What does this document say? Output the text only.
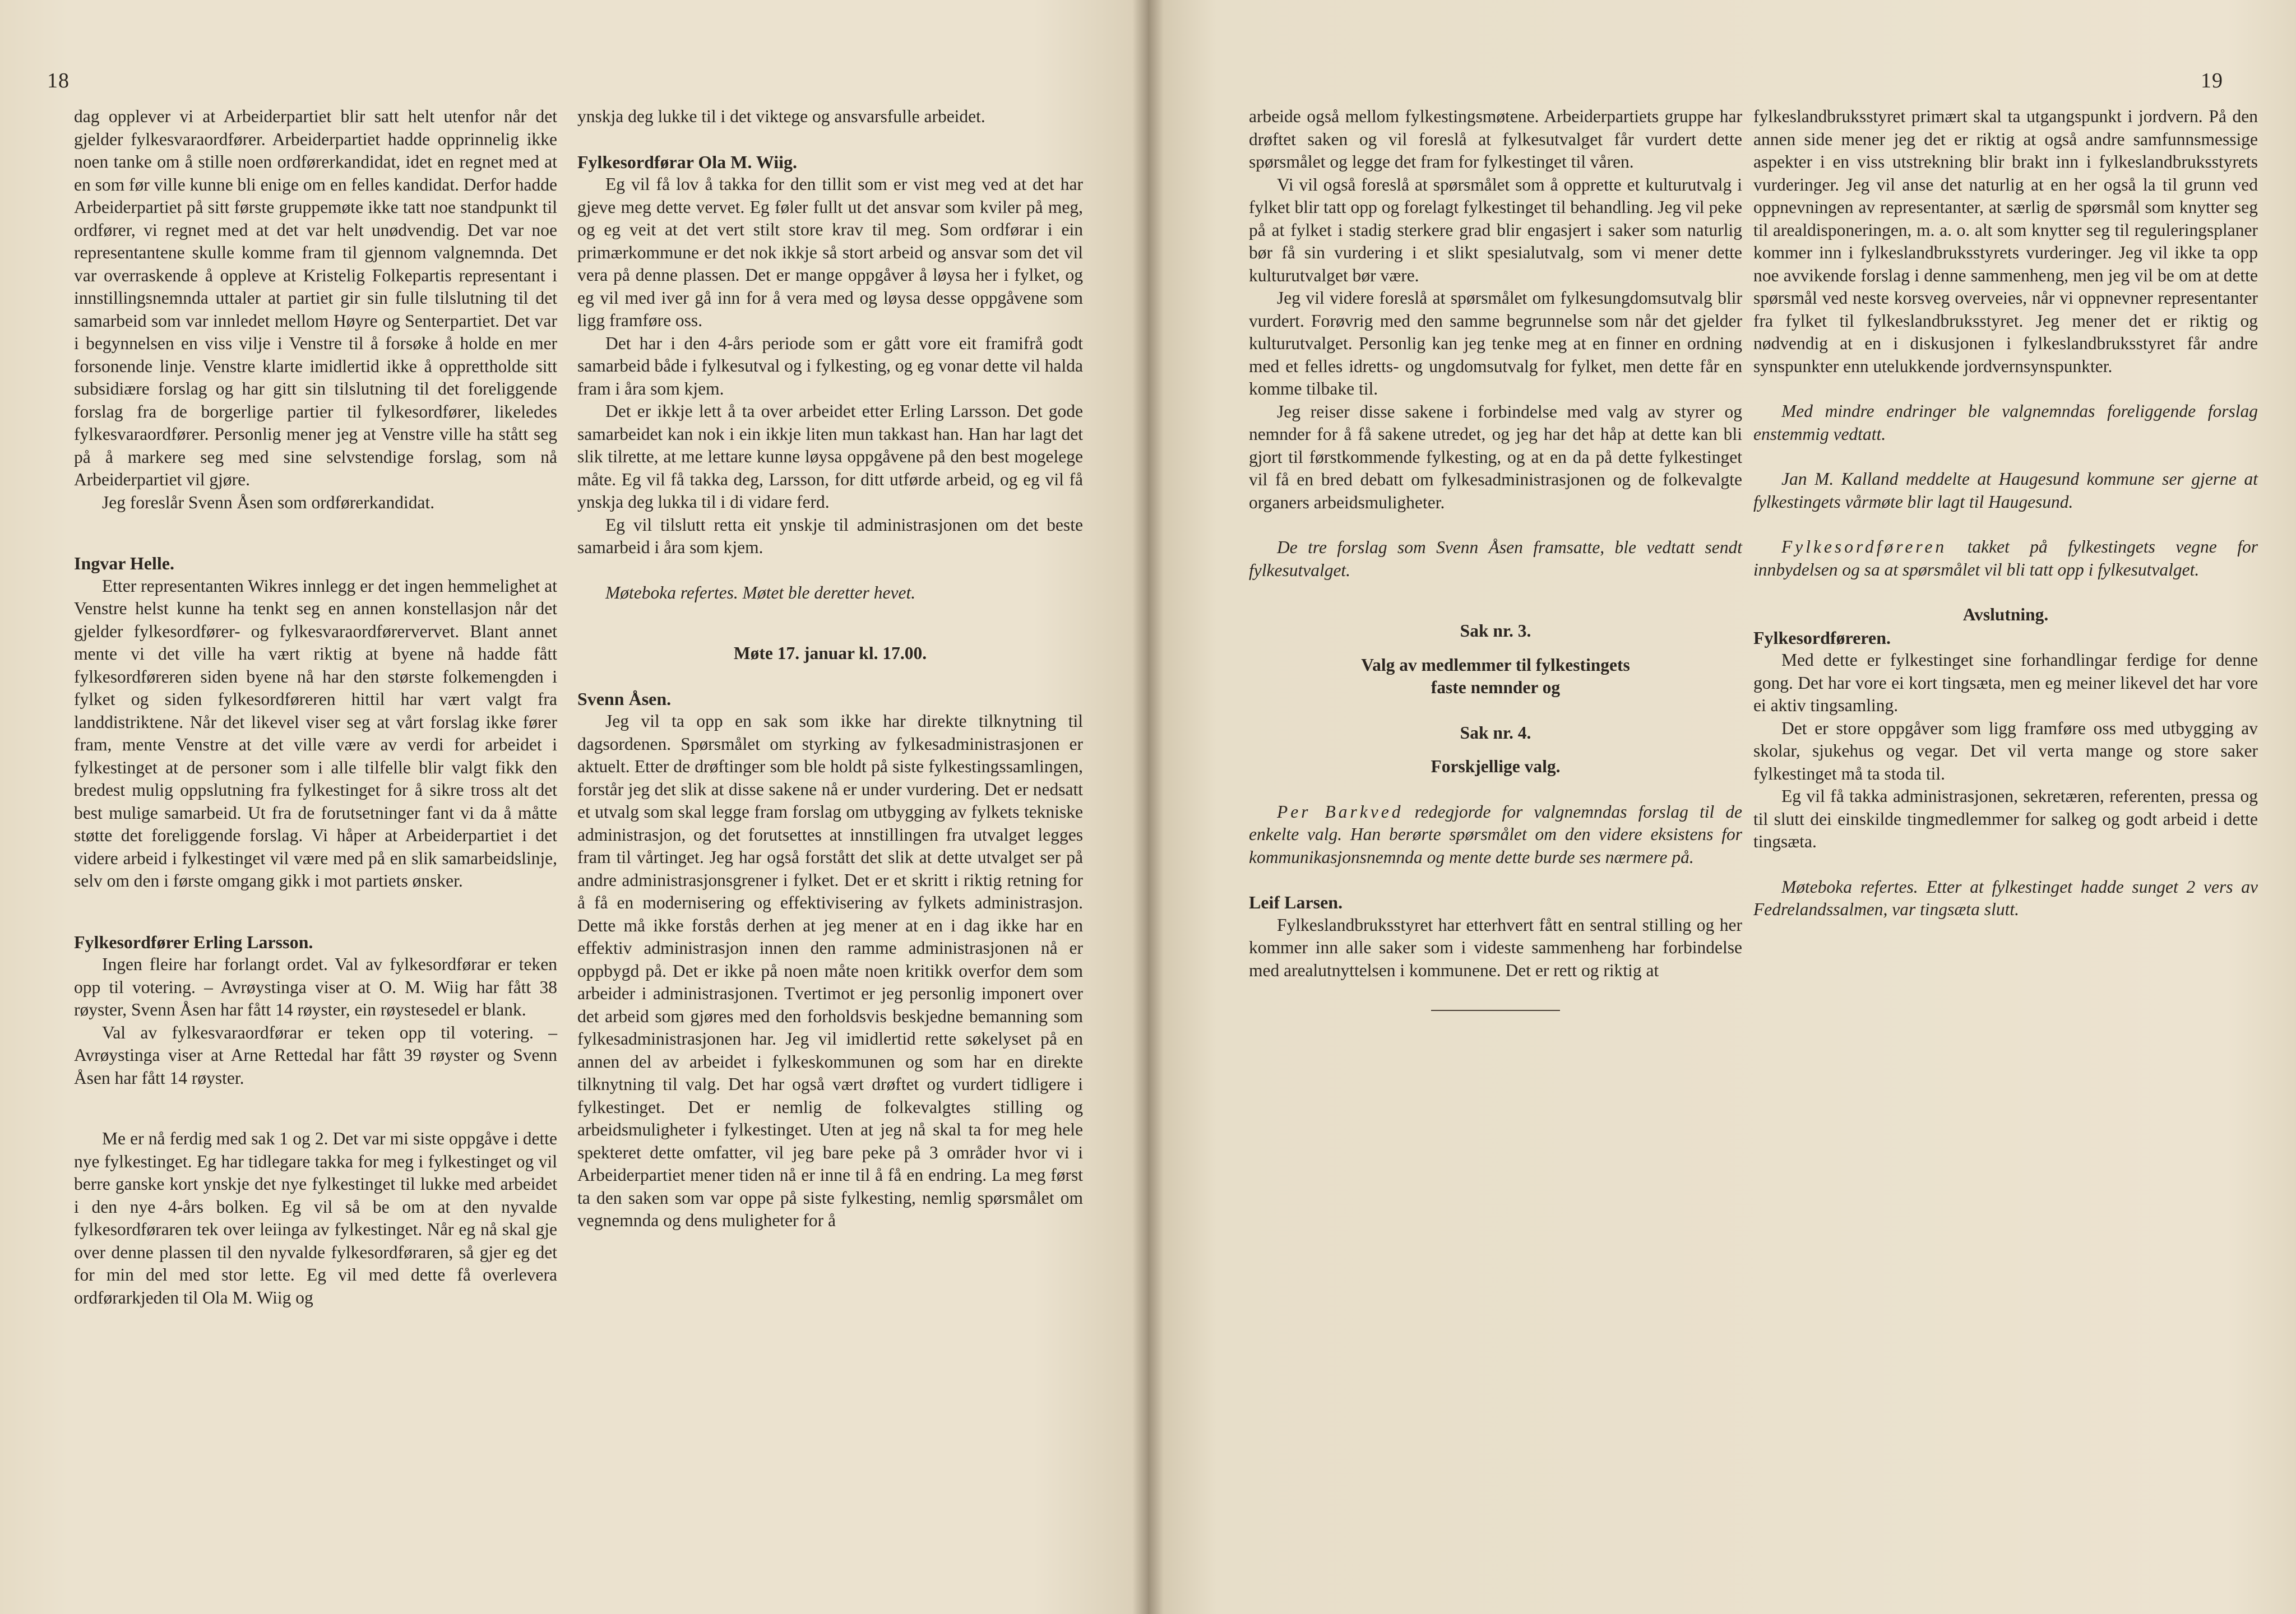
18

dag opplever vi at Arbeiderpartiet blir satt helt utenfor når det gjelder fylkesvaraordfører. Arbeiderpartiet hadde opprinnelig ikke noen tanke om å stille noen ordførerkandidat, idet en regnet med at en som før ville kunne bli enige om en felles kandidat. Derfor hadde Arbeiderpartiet på sitt første gruppemøte ikke tatt noe standpunkt til ordfører, vi regnet med at det var helt unødvendig. Det var noe representantene skulle komme fram til gjennom valgnemnda. Det var overraskende å oppleve at Kristelig Folkepartis representant i innstillingsnemnda uttaler at partiet gir sin fulle tilslutning til det samarbeid som var innledet mellom Høyre og Senterpartiet. Det var i begynnelsen en viss vilje i Venstre til å forsøke å holde en mer forsonende linje. Venstre klarte imidlertid ikke å opprettholde sitt subsidiære forslag og har gitt sin tilslutning til det foreliggende forslag fra de borgerlige partier til fylkesordfører, likeledes fylkesvaraordfører. Personlig mener jeg at Venstre ville ha stått seg på å markere seg med sine selvstendige forslag, som nå Arbeiderpartiet vil gjøre.

Jeg foreslår Svenn Åsen som ordførerkandidat.

Ingvar Helle.

Etter representanten Wikres innlegg er det ingen hemmelighet at Venstre helst kunne ha tenkt seg en annen konstellasjon når det gjelder fylkesordfører- og fylkesvaraordførervervet. Blant annet mente vi det ville ha vært riktig at byene nå hadde fått fylkesordføreren siden byene nå har den største folkemengden i fylket og siden fylkesordføreren hittil har vært valgt fra landdistriktene. Når det likevel viser seg at vårt forslag ikke fører fram, mente Venstre at det ville være av verdi for arbeidet i fylkestinget at de personer som i alle tilfelle blir valgt fikk den bredest mulig oppslutning fra fylkestinget for å sikre tross alt det best mulige samarbeid. Ut fra de forutsetninger fant vi da å måtte støtte det foreliggende forslag. Vi håper at Arbeiderpartiet i det videre arbeid i fylkestinget vil være med på en slik samarbeidslinje, selv om den i første omgang gikk i mot partiets ønsker.

Fylkesordfører Erling Larsson.

Ingen fleire har forlangt ordet. Val av fylkesordførar er teken opp til votering. – Avrøystinga viser at O. M. Wiig har fått 38 røyster, Svenn Åsen har fått 14 røyster, ein røystesedel er blank.

Val av fylkesvaraordførar er teken opp til votering. – Avrøystinga viser at Arne Rettedal har fått 39 røyster og Svenn Åsen har fått 14 røyster.

Me er nå ferdig med sak 1 og 2. Det var mi siste oppgåve i dette nye fylkestinget. Eg har tidlegare takka for meg i fylkestinget og vil berre ganske kort ynskje det nye fylkestinget til lukke med arbeidet i den nye 4-års bolken. Eg vil så be om at den nyvalde fylkesordføraren tek over leiinga av fylkestinget. Når eg nå skal gje over denne plassen til den nyvalde fylkesordføraren, så gjer eg det for min del med stor lette. Eg vil med dette få overlevera ordførarkjeden til Ola M. Wiig og

ynskja deg lukke til i det viktege og ansvarsfulle arbeidet.

Fylkesordførar Ola M. Wiig.

Eg vil få lov å takka for den tillit som er vist meg ved at det har gjeve meg dette vervet. Eg føler fullt ut det ansvar som kviler på meg, og eg veit at det vert stilt store krav til meg. Som ordførar i ein primærkommune er det nok ikkje så stort arbeid og ansvar som det vil vera på denne plassen. Det er mange oppgåver å løysa her i fylket, og eg vil med iver gå inn for å vera med og løysa desse oppgåvene som ligg framføre oss.

Det har i den 4-års periode som er gått vore eit framifrå godt samarbeid både i fylkesutval og i fylkesting, og eg vonar dette vil halda fram i åra som kjem.

Det er ikkje lett å ta over arbeidet etter Erling Larsson. Det gode samarbeidet kan nok i ein ikkje liten mun takkast han. Han har lagt det slik tilrette, at me lettare kunne løysa oppgåvene på den best mogelege måte. Eg vil få takka deg, Larsson, for ditt utførde arbeid, og eg vil få ynskja deg lukka til i di vidare ferd.

Eg vil tilslutt retta eit ynskje til administrasjonen om det beste samarbeid i åra som kjem.

Møteboka refertes. Møtet ble deretter hevet.

Møte 17. januar kl. 17.00.

Svenn Åsen.

Jeg vil ta opp en sak som ikke har direkte tilknytning til dagsordenen. Spørsmålet om styrking av fylkesadministrasjonen er aktuelt. Etter de drøftinger som ble holdt på siste fylkestingssamlingen, forstår jeg det slik at disse sakene nå er under vurdering. Det er nedsatt et utvalg som skal legge fram forslag om utbygging av fylkets tekniske administrasjon, og det forutsettes at innstillingen fra utvalget legges fram til vårtinget. Jeg har også forstått det slik at dette utvalget ser på andre administrasjonsgrener i fylket. Det er et skritt i riktig retning for å få en modernisering og effektivisering av fylkets administrasjon. Dette må ikke forstås derhen at jeg mener at en i dag ikke har en effektiv administrasjon innen den ramme administrasjonen nå er oppbygd på. Det er ikke på noen måte noen kritikk overfor dem som arbeider i administrasjonen. Tvertimot er jeg personlig imponert over det arbeid som gjøres med den forholdsvis beskjedne bemanning som fylkesadministrasjonen har. Jeg vil imidlertid rette søkelyset på en annen del av arbeidet i fylkeskommunen og som har en direkte tilknytning til valg. Det har også vært drøftet og vurdert tidligere i fylkestinget. Det er nemlig de folkevalgtes stilling og arbeidsmuligheter i fylkestinget. Uten at jeg nå skal ta for meg hele spekteret dette omfatter, vil jeg bare peke på 3 områder hvor vi i Arbeiderpartiet mener tiden nå er inne til å få en endring. La meg først ta den saken som var oppe på siste fylkesting, nemlig spørsmålet om vegnemnda og dens muligheter for å

19

arbeide også mellom fylkestingsmøtene. Arbeiderpartiets gruppe har drøftet saken og vil foreslå at fylkesutvalget får vurdert dette spørsmålet og legge det fram for fylkestinget til våren.

Vi vil også foreslå at spørsmålet som å opprette et kulturutvalg i fylket blir tatt opp og forelagt fylkestinget til behandling. Jeg vil peke på at fylket i stadig sterkere grad blir engasjert i saker som naturlig bør få sin vurdering i et slikt spesialutvalg, som vi mener dette kulturutvalget bør være.

Jeg vil videre foreslå at spørsmålet om fylkesungdomsutvalg blir vurdert. Forøvrig med den samme begrunnelse som når det gjelder kulturutvalget. Personlig kan jeg tenke meg at en finner en ordning med et felles idretts- og ungdomsutvalg for fylket, men dette får en komme tilbake til.

Jeg reiser disse sakene i forbindelse med valg av styrer og nemnder for å få sakene utredet, og jeg har det håp at dette kan bli gjort til førstkommende fylkesting, og at en da på dette fylkestinget vil få en bred debatt om fylkesadministrasjonen og de folkevalgte organers arbeidsmuligheter.

De tre forslag som Svenn Åsen framsatte, ble vedtatt sendt fylkesutvalget.

Sak nr. 3.

Valg av medlemmer til fylkestingets

faste nemnder og

Sak nr. 4.

Forskjellige valg.

Per Barkved redegjorde for valgnemndas forslag til de enkelte valg. Han berørte spørsmålet om den videre eksistens for kommunikasjonsnemnda og mente dette burde ses nærmere på.

Leif Larsen.

Fylkeslandbruksstyret har etterhvert fått en sentral stilling og her kommer inn alle saker som i videste sammenheng har forbindelse med arealutnyttelsen i kommunene. Det er rett og riktig at

fylkeslandbruksstyret primært skal ta utgangspunkt i jordvern. På den annen side mener jeg det er riktig at også andre samfunnsmessige aspekter i en viss utstrekning blir brakt inn i fylkeslandbruksstyrets vurderinger. Jeg vil anse det naturlig at en her også la til grunn ved oppnevningen av representanter, at særlig de spørsmål som knytter seg til arealdisponeringen, m. a. o. alt som knytter seg til reguleringsplaner kommer inn i fylkeslandbruksstyrets vurderinger. Jeg vil ikke ta opp noe avvikende forslag i denne sammenheng, men jeg vil be om at dette spørsmål ved neste korsveg overveies, når vi oppnevner representanter fra fylket til fylkeslandbruksstyret. Jeg mener det er riktig og nødvendig at en i diskusjonen i fylkeslandbruksstyret får andre synspunkter enn utelukkende jordvernsynspunkter.

Med mindre endringer ble valgnemndas foreliggende forslag enstemmig vedtatt.

Jan M. Kalland meddelte at Haugesund kommune ser gjerne at fylkestingets vårmøte blir lagt til Haugesund.

Fylkesordføreren takket på fylkestingets vegne for innbydelsen og sa at spørsmålet vil bli tatt opp i fylkesutvalget.

Avslutning.

Fylkesordføreren.

Med dette er fylkestinget sine forhandlingar ferdige for denne gong. Det har vore ei kort tingsæta, men eg meiner likevel det har vore ei aktiv tingsamling.

Det er store oppgåver som ligg framføre oss med utbygging av skolar, sjukehus og vegar. Det vil verta mange og store saker fylkestinget må ta stoda til.

Eg vil få takka administrasjonen, sekretæren, referenten, pressa og til slutt dei einskilde tingmedlemmer for salkeg og godt arbeid i dette tingsæta.

Møteboka refertes. Etter at fylkestinget hadde sunget 2 vers av Fedrelandssalmen, var tingsæta slutt.
